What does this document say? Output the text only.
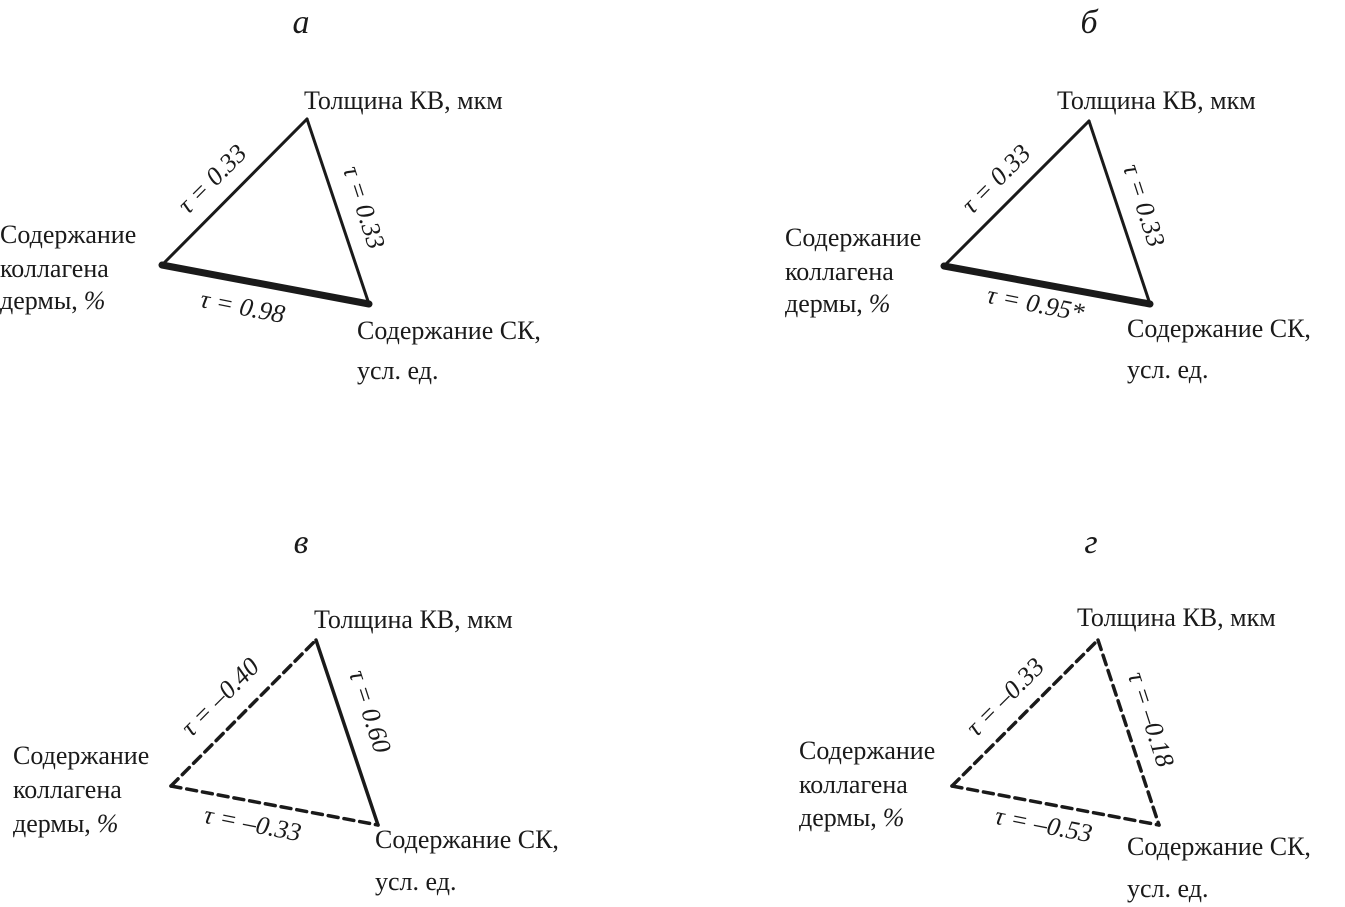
а
Толщина КВ, мкм
Содержание коллагена дермы, %
Содержание СК, усл. ед.
τ = 0.33	τ = 0.33
τ = 0.98
б
Толщина КВ, мкм
Содержание коллагена дермы, %
Содержание СК, усл. ед.
τ = 0.33	τ = 0.33
τ = 0.95*
в
Толщина КВ, мкм
Содержание коллагена дермы, %
Содержание СК, усл. ед.
τ = –0.40	τ = 0.60
τ = –0.33
г
Толщина КВ, мкм
Содержание коллагена дермы, %
Содержание СК, усл. ед.
τ = –0.33	τ = –0.18
τ = –0.53
